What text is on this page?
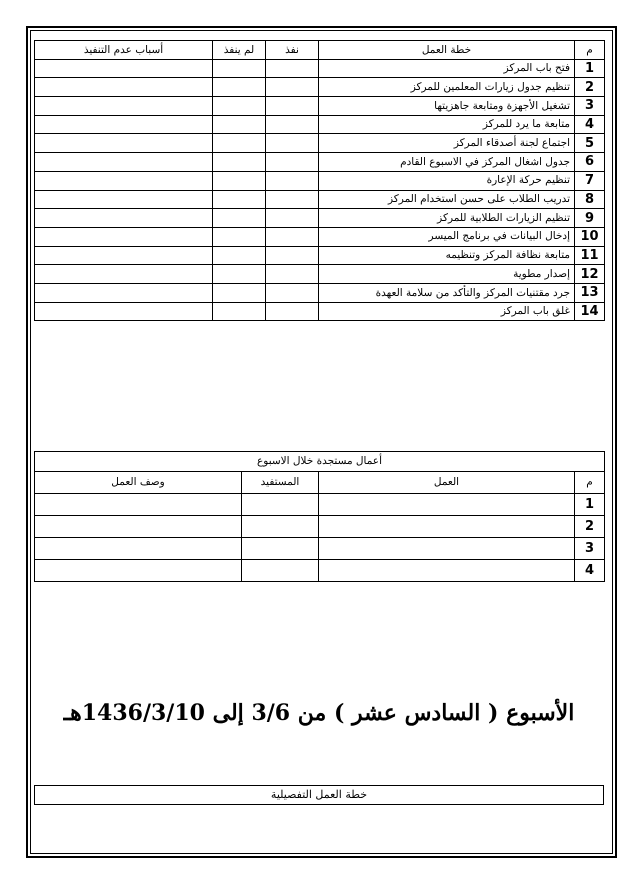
م	خطة العمل	نفذ	لم ينفذ	أسباب عدم التنفيذ
1	فتح باب المركز			
2	تنظيم جدول زيارات المعلمين للمركز			
3	تشغيل الأجهزة ومتابعة جاهزيتها			
4	متابعة ما يرد للمركز			
5	اجتماع لجنة أصدقاء المركز			
6	جدول اشغال المركز في الاسبوع القادم			
7	تنظيم حركة الإعارة			
8	تدريب الطلاب على حسن استخدام المركز			
9	تنظيم الزيارات الطلابية للمركز			
10	إدخال البيانات في برنامج الميسر			
11	متابعة نظافة المركز وتنظيمه			
12	إصدار مطوية			
13	جرد مقتنيات المركز والتأكد من سلامة العهدة			
14	غلق باب المركز			
أعمال مستجدة خلال الاسبوع			
م	العمل	المستفيد	وصف العمل
1			
2			
3			
4			
الأسبوع ( السادس عشر ) من 3/6 إلى 1436/3/10هـ
خطة العمل التفصيلية
